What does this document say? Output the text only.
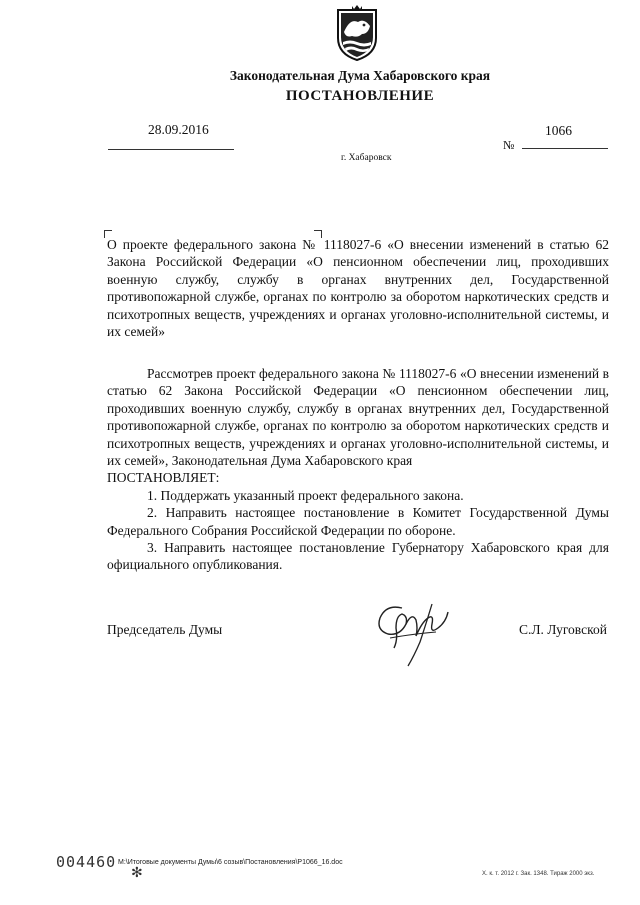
Законодательная Дума Хабаровского края
ПОСТАНОВЛЕНИЕ
28.09.2016
№
1066
г. Хабаровск
О проекте федерального закона № 1118027-6 «О внесении изменений в статью 62 Закона Российской Федерации «О пенсионном обеспечении лиц, проходивших военную службу, службу в органах внутренних дел, Государственной противопожарной службе, органах по контролю за оборотом наркотических средств и психотропных веществ, учреждениях и органах уголовно-исполнительной системы, и их семей»

Рассмотрев проект федерального закона № 1118027-6 «О внесении изменений в статью 62 Закона Российской Федерации «О пенсионном обеспечении лиц, проходивших военную службу, службу в органах внутренних дел, Государственной противопожарной службе, органах по контролю за оборотом наркотических средств и психотропных веществ, учреждениях и органах уголовно-исполнительной системы, и их семей», Законодательная Дума Хабаровского края

ПОСТАНОВЛЯЕТ:

1. Поддержать указанный проект федерального закона.

2. Направить настоящее постановление в Комитет Государственной Думы Федерального Собрания Российской Федерации по обороне.

3. Направить настоящее постановление Губернатору Хабаровского края для официального опубликования.

Председатель Думы	С.Л. Луговской
004460
✻
M:\Итоговые документы Думы\6 созыв\Постановления\Р1066_16.doc
Х. к. т. 2012 г. Зак. 1348. Тираж 2000 экз.
